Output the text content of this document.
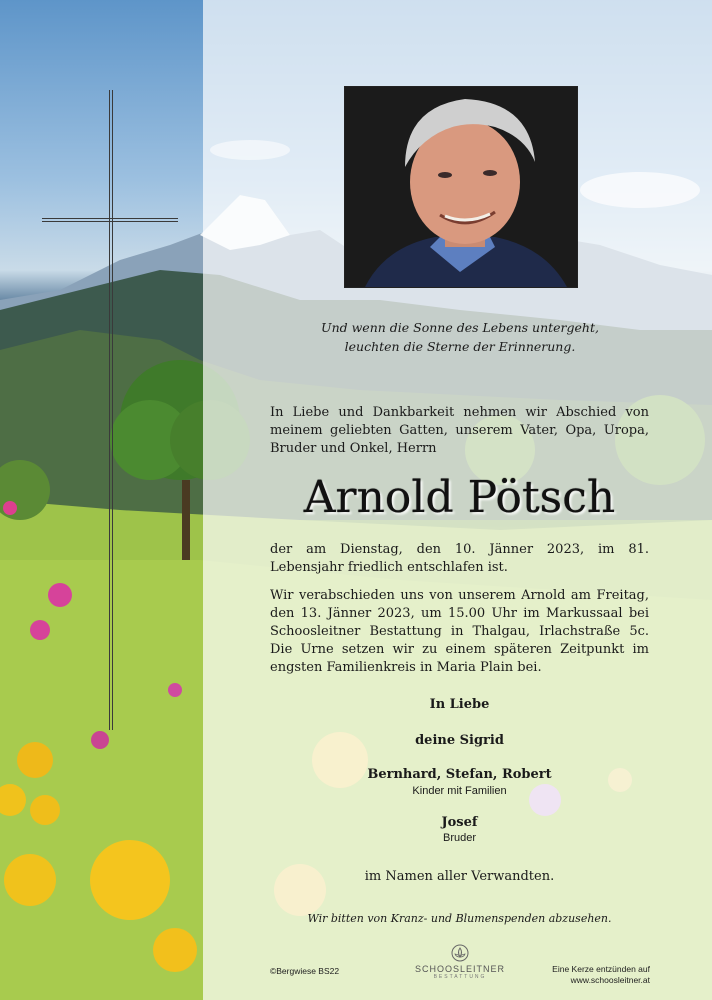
Und wenn die Sonne des Lebens untergeht,
leuchten die Sterne der Erinnerung.
In Liebe und Dankbarkeit nehmen wir Abschied von meinem geliebten Gatten, unserem Vater, Opa, Uropa, Bruder und Onkel, Herrn
Arnold Pötsch
der am Dienstag, den 10. Jänner 2023, im 81. Lebensjahr friedlich entschlafen ist.
Wir verabschieden uns von unserem Arnold am Freitag, den 13. Jänner 2023, um 15.00 Uhr im Markussaal bei Schoosleitner Bestattung in Thalgau, Irlachstraße 5c. Die Urne setzen wir zu einem späteren Zeitpunkt im engsten Familienkreis in Maria Plain bei.
In Liebe
deine Sigrid
Bernhard, Stefan, Robert
Kinder mit Familien
Josef
Bruder
im Namen aller Verwandten.
Wir bitten von Kranz- und Blumenspenden abzusehen.
©Bergwiese BS22	SCHOOSLEITNER
BESTATTUNG
Eine Kerze entzünden auf
www.schoosleitner.at
